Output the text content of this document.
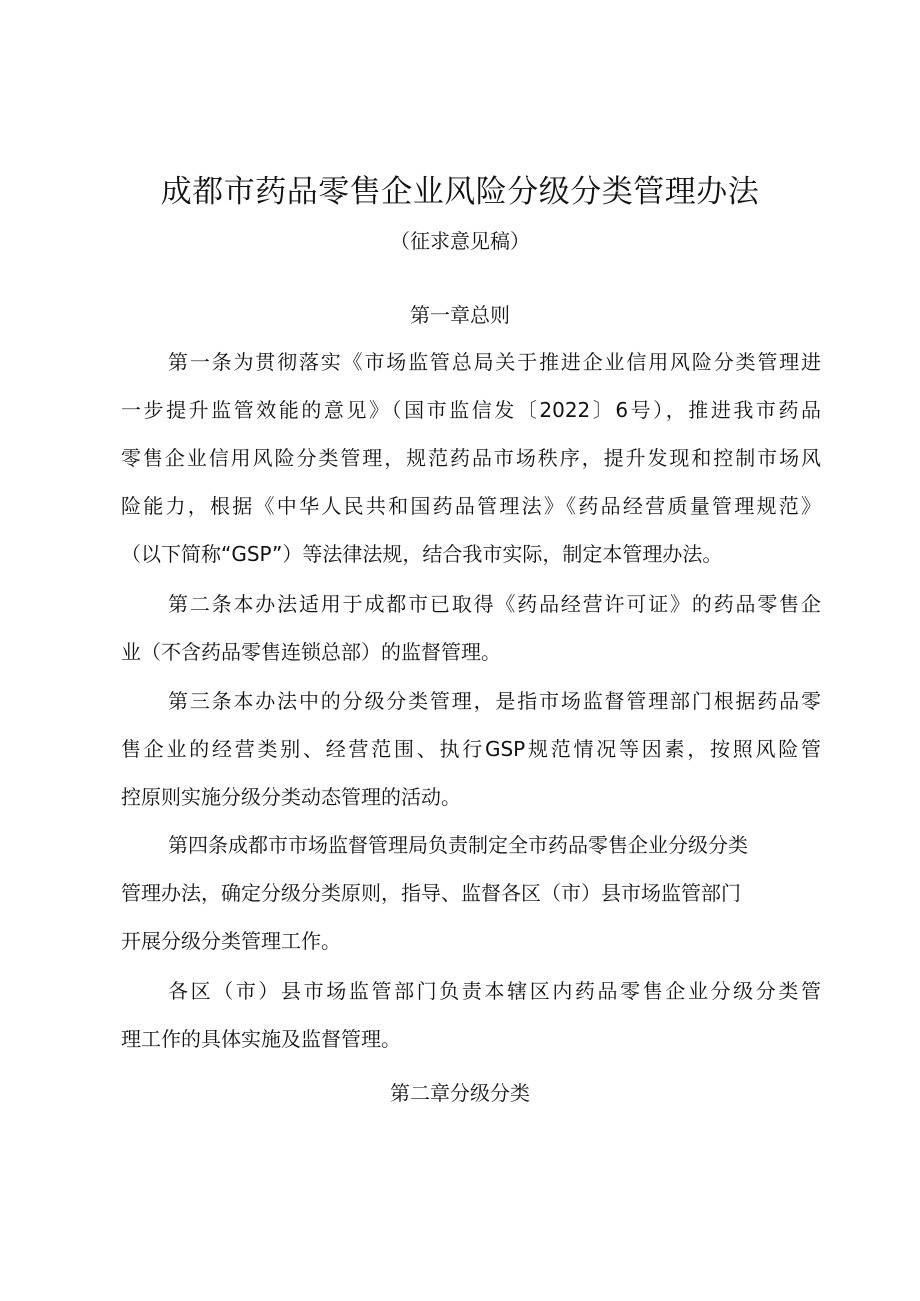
成都市药品零售企业风险分级分类管理办法

（征求意见稿）

第一章总则

第一条为贯彻落实《市场监管总局关于推进企业信用风险分类管理进

一步提升监管效能的意见》（国市监信发〔2022〕6号），推进我市药品

零售企业信用风险分类管理，规范药品市场秩序，提升发现和控制市场风

险能力，根据《中华人民共和国药品管理法》《药品经营质量管理规范》

（以下简称“GSP”）等法律法规，结合我市实际，制定本管理办法。

第二条本办法适用于成都市已取得《药品经营许可证》的药品零售企

业（不含药品零售连锁总部）的监督管理。

第三条本办法中的分级分类管理，是指市场监督管理部门根据药品零

售企业的经营类别、经营范围、执行GSP规范情况等因素，按照风险管

控原则实施分级分类动态管理的活动。

第四条成都市市场监督管理局负责制定全市药品零售企业分级分类

管理办法，确定分级分类原则，指导、监督各区（市）县市场监管部门

开展分级分类管理工作。

各区（市）县市场监管部门负责本辖区内药品零售企业分级分类管

理工作的具体实施及监督管理。

第二章分级分类
